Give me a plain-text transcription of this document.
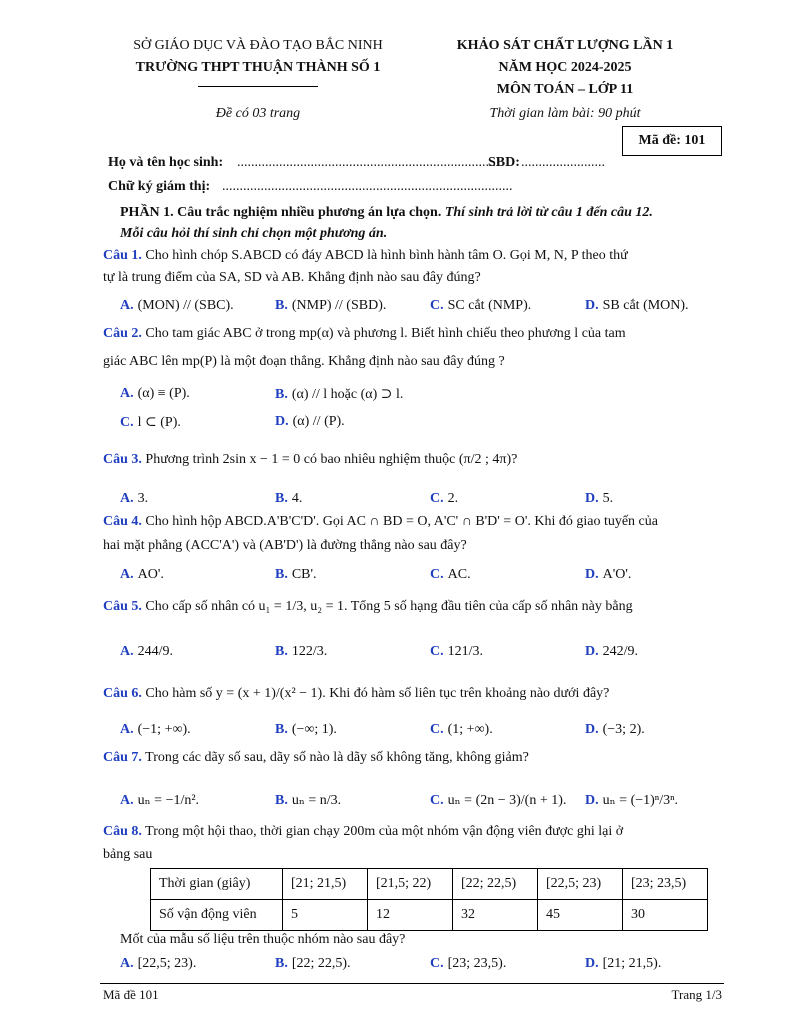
SỞ GIÁO DỤC VÀ ĐÀO TẠO BẮC NINH
TRƯỜNG THPT THUẬN THÀNH SỐ 1
Đề có 03 trang
KHẢO SÁT CHẤT LƯỢNG LẦN 1
NĂM HỌC 2024-2025
MÔN TOÁN – LỚP 11
Thời gian làm bài: 90 phút
Mã đề: 101
Họ và tên học sinh: ..........................................................................
SBD: ........................
Chữ ký giám thị: ...................................................................................
PHẦN 1. Câu trắc nghiệm nhiều phương án lựa chọn. Thí sinh trả lời từ câu 1 đến câu 12.
Mỗi câu hỏi thí sinh chỉ chọn một phương án.
Câu 1. Cho hình chóp S.ABCD có đáy ABCD là hình bình hành tâm O. Gọi M, N, P theo thứ
tự là trung điểm của SA, SD và AB. Khẳng định nào sau đây đúng?
A. (MON) // (SBC).	B. (NMP) // (SBD).	C. SC cắt (NMP).	D. SB cắt (MON).
Câu 2. Cho tam giác ABC ở trong mp(α) và phương l. Biết hình chiếu theo phương l của tam
giác ABC lên mp(P) là một đoạn thẳng. Khẳng định nào sau đây đúng ?
A. (α) ≡ (P).	B. (α) // l hoặc (α) ⊃ l.
C. l ⊂ (P).	D. (α) // (P).
Câu 3. Phương trình 2sin x − 1 = 0 có bao nhiêu nghiệm thuộc (π/2 ; 4π)?
A. 3.	B. 4.	C. 2.	D. 5.
Câu 4. Cho hình hộp ABCD.A'B'C'D'. Gọi AC ∩ BD = O, A'C' ∩ B'D' = O'. Khi đó giao tuyến của
hai mặt phẳng (ACC'A') và (AB'D') là đường thẳng nào sau đây?
A. AO'.	B. CB'.	C. AC.	D. A'O'.
Câu 5. Cho cấp số nhân có u₁ = 1/3, u₂ = 1. Tổng 5 số hạng đầu tiên của cấp số nhân này bằng
A. 244/9.	B. 122/3.	C. 121/3.	D. 242/9.
Câu 6. Cho hàm số y = (x + 1)/(x² − 1). Khi đó hàm số liên tục trên khoảng nào dưới đây?
A. (−1; +∞).	B. (−∞; 1).	C. (1; +∞).	D. (−3; 2).
Câu 7. Trong các dãy số sau, dãy số nào là dãy số không tăng, không giảm?
A. uₙ = −1/n².	B. uₙ = n/3.	C. uₙ = (2n − 3)/(n + 1). D. uₙ = (−1)ⁿ/3ⁿ.
Câu 8. Trong một hội thao, thời gian chạy 200m của một nhóm vận động viên được ghi lại ở
bảng sau
Thời gian (giây)	[21; 21,5)	[21,5; 22)	[22; 22,5)	[22,5; 23)	[23; 23,5)
Số vận động viên	5	12	32	45	30
Mốt của mẫu số liệu trên thuộc nhóm nào sau đây?
A. [22,5; 23).	B. [22; 22,5).	C. [23; 23,5).	D. [21; 21,5).
Mã đề 101	Trang 1/3
